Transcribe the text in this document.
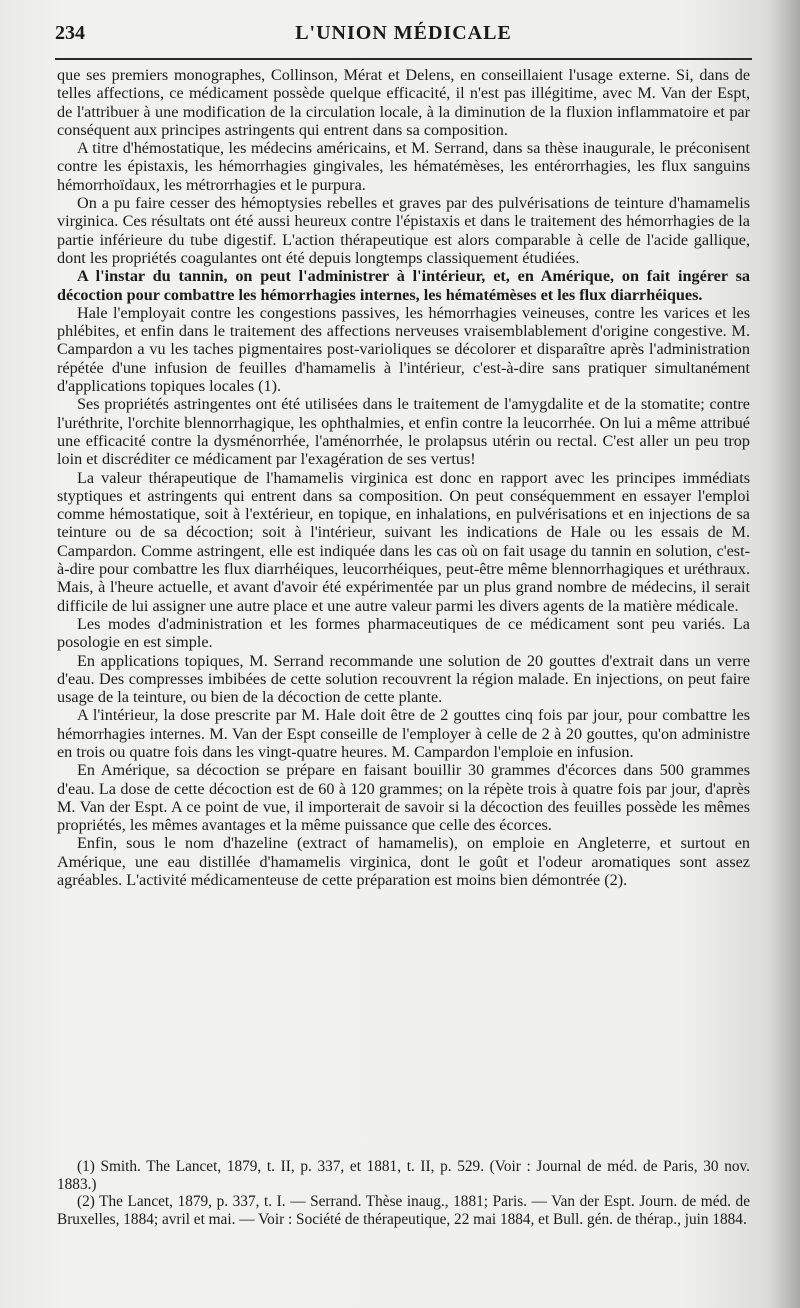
234	L'UNION MÉDICALE

que ses premiers monographes, Collinson, Mérat et Delens, en conseillaient l'usage externe. Si, dans de telles affections, ce médicament possède quelque efficacité, il n'est pas illégitime, avec M. Van der Espt, de l'attribuer à une modification de la circulation locale, à la diminution de la fluxion inflammatoire et par conséquent aux principes astringents qui entrent dans sa composition.

A titre d'hémostatique, les médecins américains, et M. Serrand, dans sa thèse inaugurale, le préconisent contre les épistaxis, les hémorrhagies gingivales, les hématémèses, les entérorrhagies, les flux sanguins hémorrhoïdaux, les métrorrhagies et le purpura.

On a pu faire cesser des hémoptysies rebelles et graves par des pulvérisations de teinture d'hamamelis virginica. Ces résultats ont été aussi heureux contre l'épistaxis et dans le traitement des hémorrhagies de la partie inférieure du tube digestif. L'action thérapeutique est alors comparable à celle de l'acide gallique, dont les propriétés coagulantes ont été depuis longtemps classiquement étudiées.

A l'instar du tannin, on peut l'administrer à l'intérieur, et, en Amérique, on fait ingérer sa décoction pour combattre les hémorrhagies internes, les hématémèses et les flux diarrhéiques.

Hale l'employait contre les congestions passives, les hémorrhagies veineuses, contre les varices et les phlébites, et enfin dans le traitement des affections nerveuses vraisemblablement d'origine congestive. M. Campardon a vu les taches pigmentaires post-varioliques se décolorer et disparaître après l'administration répétée d'une infusion de feuilles d'hamamelis à l'intérieur, c'est-à-dire sans pratiquer simultanément d'applications topiques locales (1).

Ses propriétés astringentes ont été utilisées dans le traitement de l'amygdalite et de la stomatite; contre l'uréthrite, l'orchite blennorrhagique, les ophthalmies, et enfin contre la leucorrhée. On lui a même attribué une efficacité contre la dysménorrhée, l'aménorrhée, le prolapsus utérin ou rectal. C'est aller un peu trop loin et discréditer ce médicament par l'exagération de ses vertus!

La valeur thérapeutique de l'hamamelis virginica est donc en rapport avec les principes immédiats styptiques et astringents qui entrent dans sa composition. On peut conséquemment en essayer l'emploi comme hémostatique, soit à l'extérieur, en topique, en inhalations, en pulvérisations et en injections de sa teinture ou de sa décoction; soit à l'intérieur, suivant les indications de Hale ou les essais de M. Campardon. Comme astringent, elle est indiquée dans les cas où on fait usage du tannin en solution, c'est-à-dire pour combattre les flux diarrhéiques, leucorrhéiques, peut-être même blennorrhagiques et uréthraux. Mais, à l'heure actuelle, et avant d'avoir été expérimentée par un plus grand nombre de médecins, il serait difficile de lui assigner une autre place et une autre valeur parmi les divers agents de la matière médicale.

Les modes d'administration et les formes pharmaceutiques de ce médicament sont peu variés. La posologie en est simple.

En applications topiques, M. Serrand recommande une solution de 20 gouttes d'extrait dans un verre d'eau. Des compresses imbibées de cette solution recouvrent la région malade. En injections, on peut faire usage de la teinture, ou bien de la décoction de cette plante.

A l'intérieur, la dose prescrite par M. Hale doit être de 2 gouttes cinq fois par jour, pour combattre les hémorrhagies internes. M. Van der Espt conseille de l'employer à celle de 2 à 20 gouttes, qu'on administre en trois ou quatre fois dans les vingt-quatre heures. M. Campardon l'emploie en infusion.

En Amérique, sa décoction se prépare en faisant bouillir 30 grammes d'écorces dans 500 grammes d'eau. La dose de cette décoction est de 60 à 120 grammes; on la répète trois à quatre fois par jour, d'après M. Van der Espt. A ce point de vue, il importerait de savoir si la décoction des feuilles possède les mêmes propriétés, les mêmes avantages et la même puissance que celle des écorces.

Enfin, sous le nom d'hazeline (extract of hamamelis), on emploie en Angleterre, et surtout en Amérique, une eau distillée d'hamamelis virginica, dont le goût et l'odeur aromatiques sont assez agréables. L'activité médicamenteuse de cette préparation est moins bien démontrée (2).

(1) Smith. The Lancet, 1879, t. II, p. 337, et 1881, t. II, p. 529. (Voir : Journal de méd. de Paris, 30 nov. 1883.)

(2) The Lancet, 1879, p. 337, t. I. — Serrand. Thèse inaug., 1881; Paris. — Van der Espt. Journ. de méd. de Bruxelles, 1884; avril et mai. — Voir : Société de thérapeutique, 22 mai 1884, et Bull. gén. de thérap., juin 1884.
